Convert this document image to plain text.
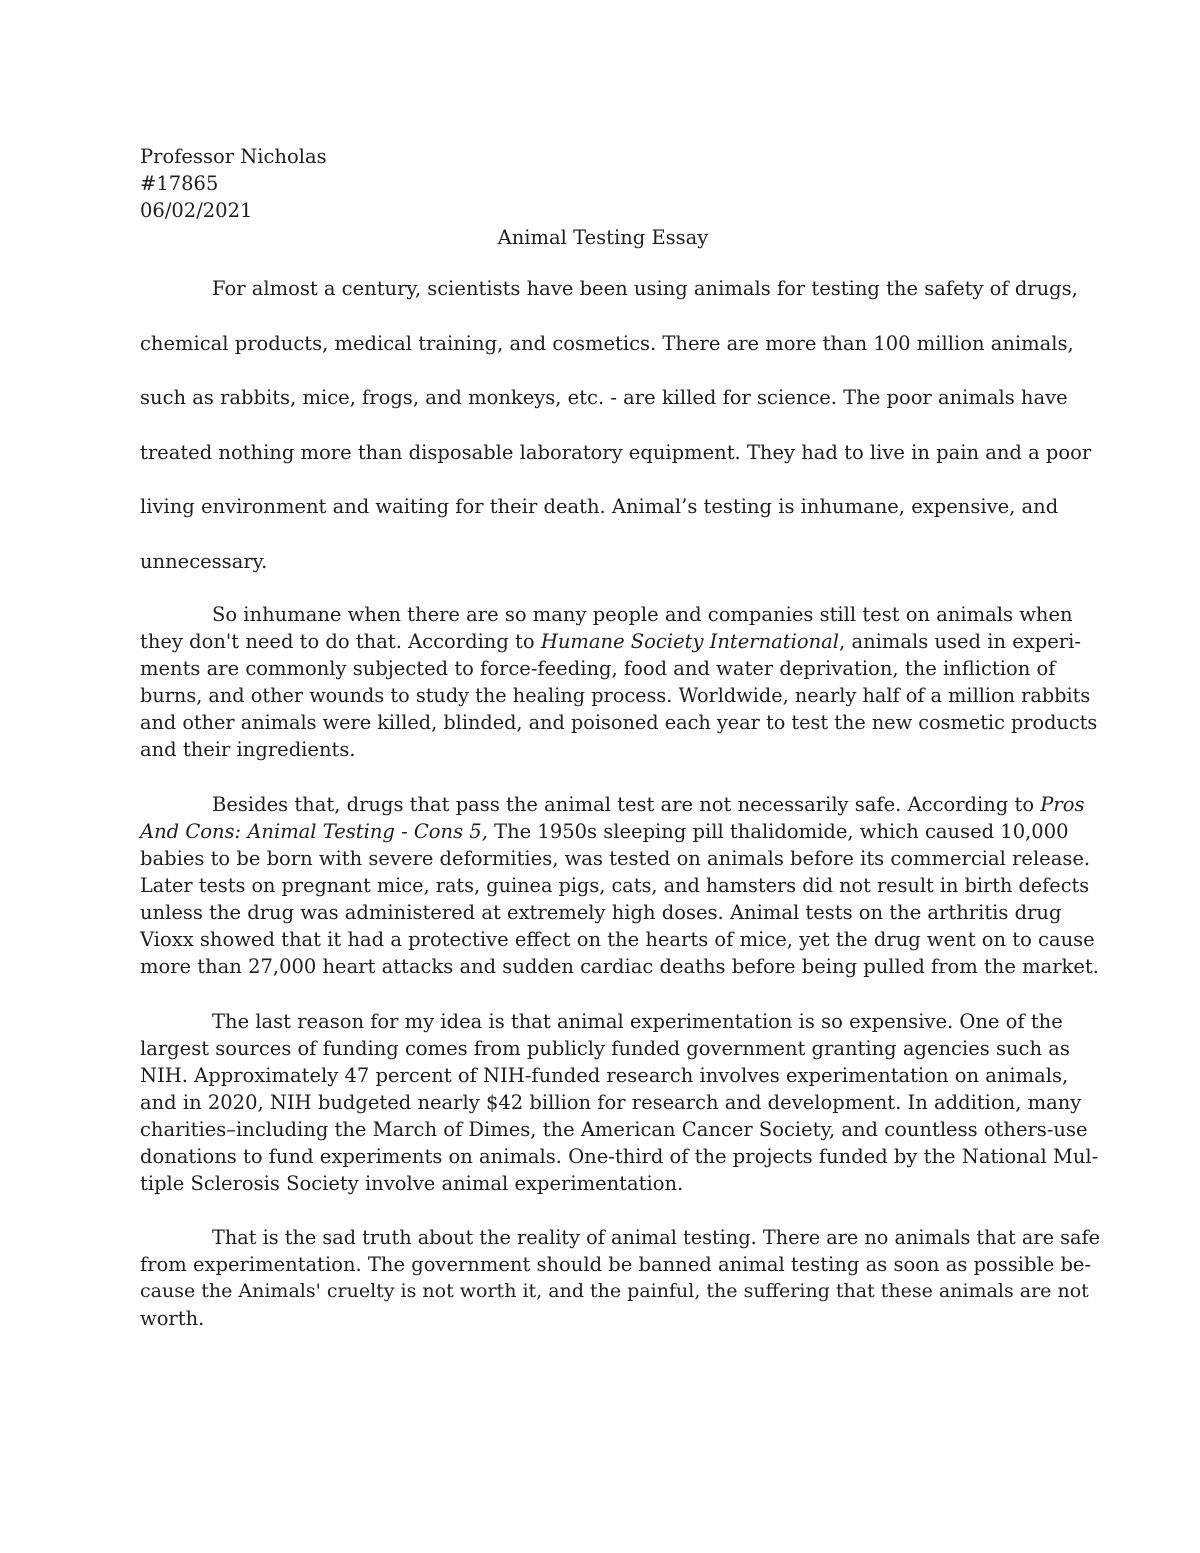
Professor Nicholas
#17865
06/02/2021
Animal Testing Essay
For almost a century, scientists have been using animals for testing the safety of drugs,
chemical products, medical training, and cosmetics. There are more than 100 million animals,
such as rabbits, mice, frogs, and monkeys, etc. - are killed for science. The poor animals have
treated nothing more than disposable laboratory equipment. They had to live in pain and a poor
living environment and waiting for their death. Animal’s testing is inhumane, expensive, and
unnecessary.
So inhumane when there are so many people and companies still test on animals when
they don't need to do that. According to Humane Society International, animals used in experi-
ments are commonly subjected to force-feeding, food and water deprivation, the infliction of
burns, and other wounds to study the healing process. Worldwide, nearly half of a million rabbits
and other animals were killed, blinded, and poisoned each year to test the new cosmetic products
and their ingredients.
Besides that, drugs that pass the animal test are not necessarily safe. According to Pros
And Cons: Animal Testing - Cons 5, The 1950s sleeping pill thalidomide, which caused 10,000
babies to be born with severe deformities, was tested on animals before its commercial release.
Later tests on pregnant mice, rats, guinea pigs, cats, and hamsters did not result in birth defects
unless the drug was administered at extremely high doses. Animal tests on the arthritis drug
Vioxx showed that it had a protective effect on the hearts of mice, yet the drug went on to cause
more than 27,000 heart attacks and sudden cardiac deaths before being pulled from the market.
The last reason for my idea is that animal experimentation is so expensive. One of the
largest sources of funding comes from publicly funded government granting agencies such as
NIH. Approximately 47 percent of NIH-funded research involves experimentation on animals,
and in 2020, NIH budgeted nearly $42 billion for research and development. In addition, many
charities–including the March of Dimes, the American Cancer Society, and countless others-use
donations to fund experiments on animals. One-third of the projects funded by the National Mul-
tiple Sclerosis Society involve animal experimentation.
That is the sad truth about the reality of animal testing. There are no animals that are safe
from experimentation. The government should be banned animal testing as soon as possible be-
cause the Animals' cruelty is not worth it, and the painful, the suffering that these animals are not
worth.
